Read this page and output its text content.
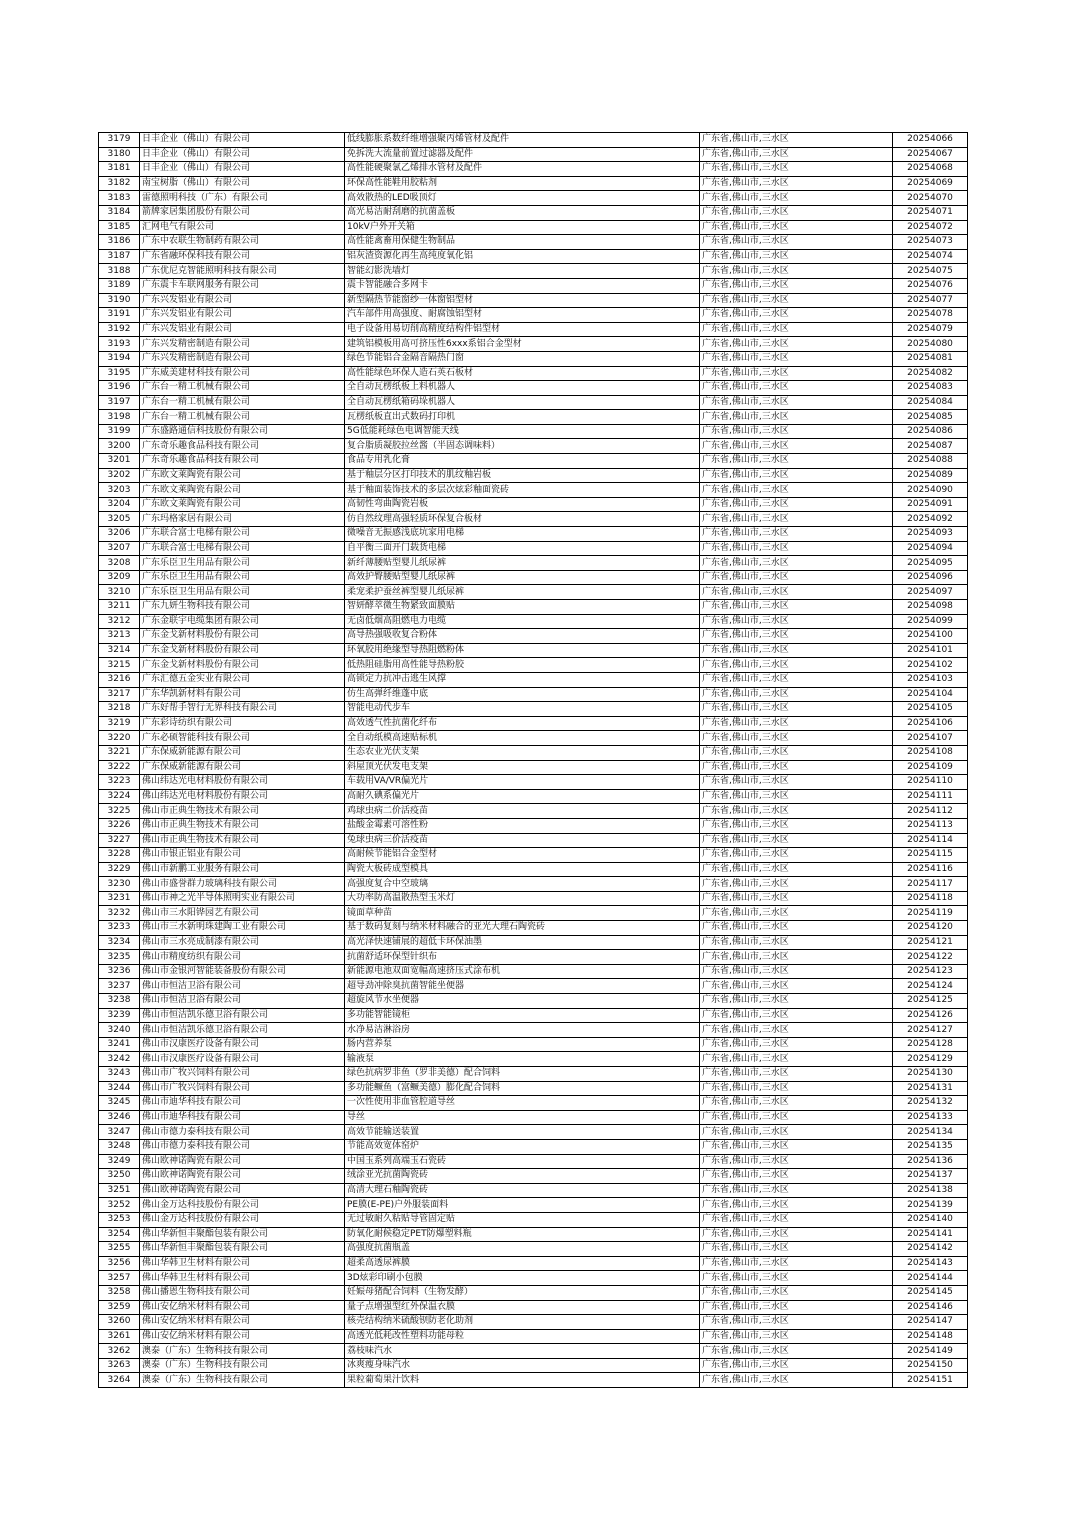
3179	日丰企业（佛山）有限公司	低线膨胀系数纤维增强聚丙烯管材及配件	广东省,佛山市,三水区	20254066
3180	日丰企业（佛山）有限公司	免拆洗大流量前置过滤器及配件	广东省,佛山市,三水区	20254067
3181	日丰企业（佛山）有限公司	高性能硬聚氯乙烯排水管材及配件	广东省,佛山市,三水区	20254068
3182	南宝树脂（佛山）有限公司	环保高性能鞋用胶粘剂	广东省,佛山市,三水区	20254069
3183	雷德照明科技（广东）有限公司	高效散热的LED吸顶灯	广东省,佛山市,三水区	20254070
3184	箭牌家居集团股份有限公司	高光易洁耐刮磨的抗菌盖板	广东省,佛山市,三水区	20254071
3185	汇网电气有限公司	10kV户外开关箱	广东省,佛山市,三水区	20254072
3186	广东中农联生物制药有限公司	高性能禽畜用保健生物制品	广东省,佛山市,三水区	20254073
3187	广东省融环保科技有限公司	铝灰渣资源化再生高纯度氧化铝	广东省,佛山市,三水区	20254074
3188	广东优尼克智能照明科技有限公司	智能幻影洗墙灯	广东省,佛山市,三水区	20254075
3189	广东震卡车联网服务有限公司	震卡智能融合多网卡	广东省,佛山市,三水区	20254076
3190	广东兴发铝业有限公司	新型隔热节能窗纱一体窗铝型材	广东省,佛山市,三水区	20254077
3191	广东兴发铝业有限公司	汽车部件用高强度、耐腐蚀铝型材	广东省,佛山市,三水区	20254078
3192	广东兴发铝业有限公司	电子设备用易切削高精度结构件铝型材	广东省,佛山市,三水区	20254079
3193	广东兴发精密制造有限公司	建筑铝模板用高可挤压性6xxx系铝合金型材	广东省,佛山市,三水区	20254080
3194	广东兴发精密制造有限公司	绿色节能铝合金隔音隔热门窗	广东省,佛山市,三水区	20254081
3195	广东威美建材科技有限公司	高性能绿色环保人造石英石板材	广东省,佛山市,三水区	20254082
3196	广东台一精工机械有限公司	全自动瓦楞纸板上料机器人	广东省,佛山市,三水区	20254083
3197	广东台一精工机械有限公司	全自动瓦楞纸箱码垛机器人	广东省,佛山市,三水区	20254084
3198	广东台一精工机械有限公司	瓦楞纸板直出式数码打印机	广东省,佛山市,三水区	20254085
3199	广东盛路通信科技股份有限公司	5G低能耗绿色电调智能天线	广东省,佛山市,三水区	20254086
3200	广东奇乐趣食品科技有限公司	复合脂质凝胶拉丝酱（半固态调味料）	广东省,佛山市,三水区	20254087
3201	广东奇乐趣食品科技有限公司	食品专用乳化膏	广东省,佛山市,三水区	20254088
3202	广东欧文莱陶瓷有限公司	基于釉层分区打印技术的肌纹釉岩板	广东省,佛山市,三水区	20254089
3203	广东欧文莱陶瓷有限公司	基于釉面装饰技术的多层次炫彩釉面瓷砖	广东省,佛山市,三水区	20254090
3204	广东欧文莱陶瓷有限公司	高韧性弯曲陶瓷岩板	广东省,佛山市,三水区	20254091
3205	广东玛格家居有限公司	仿自然纹理高强轻质环保复合板材	广东省,佛山市,三水区	20254092
3206	广东联合富士电梯有限公司	微噪音无振感浅底坑家用电梯	广东省,佛山市,三水区	20254093
3207	广东联合富士电梯有限公司	自平衡三面开门载货电梯	广东省,佛山市,三水区	20254094
3208	广东乐臣卫生用品有限公司	新纤薄腰贴型婴儿纸尿裤	广东省,佛山市,三水区	20254095
3209	广东乐臣卫生用品有限公司	高效护臀腰贴型婴儿纸尿裤	广东省,佛山市,三水区	20254096
3210	广东乐臣卫生用品有限公司	柔宠柔护蚕丝裤型婴儿纸尿裤	广东省,佛山市,三水区	20254097
3211	广东九妍生物科技有限公司	智妍酵萃微生物紧致面膜贴	广东省,佛山市,三水区	20254098
3212	广东金联宇电缆集团有限公司	无卤低烟高阻燃电力电缆	广东省,佛山市,三水区	20254099
3213	广东金戈新材料股份有限公司	高导热强吸收复合粉体	广东省,佛山市,三水区	20254100
3214	广东金戈新材料股份有限公司	环氧胶用绝缘型导热阻燃粉体	广东省,佛山市,三水区	20254101
3215	广东金戈新材料股份有限公司	低热阻硅脂用高性能导热粉胶	广东省,佛山市,三水区	20254102
3216	广东汇德五金实业有限公司	高锁定力抗冲击逃生风撑	广东省,佛山市,三水区	20254103
3217	广东华凯新材料有限公司	仿生高弹纤维蓬中底	广东省,佛山市,三水区	20254104
3218	广东好帮手智行无界科技有限公司	智能电动代步车	广东省,佛山市,三水区	20254105
3219	广东彩诗纺织有限公司	高效透气性抗菌化纤布	广东省,佛山市,三水区	20254106
3220	广东必硕智能科技有限公司	全自动纸模高速贴标机	广东省,佛山市,三水区	20254107
3221	广东保威新能源有限公司	生态农业光伏支架	广东省,佛山市,三水区	20254108
3222	广东保威新能源有限公司	斜屋顶光伏发电支架	广东省,佛山市,三水区	20254109
3223	佛山纬达光电材料股份有限公司	车载用VA/VR偏光片	广东省,佛山市,三水区	20254110
3224	佛山纬达光电材料股份有限公司	高耐久碘系偏光片	广东省,佛山市,三水区	20254111
3225	佛山市正典生物技术有限公司	鸡球虫病二价活疫苗	广东省,佛山市,三水区	20254112
3226	佛山市正典生物技术有限公司	盐酸金霉素可溶性粉	广东省,佛山市,三水区	20254113
3227	佛山市正典生物技术有限公司	兔球虫病三价活疫苗	广东省,佛山市,三水区	20254114
3228	佛山市银正铝业有限公司	高耐候节能铝合金型材	广东省,佛山市,三水区	20254115
3229	佛山市新鹏工业服务有限公司	陶瓷大板砖成型模具	广东省,佛山市,三水区	20254116
3230	佛山市盛誉群力玻璃科技有限公司	高强度复合中空玻璃	广东省,佛山市,三水区	20254117
3231	佛山市神之光半导体照明实业有限公司	大功率防高温散热型玉米灯	广东省,佛山市,三水区	20254118
3232	佛山市三水阳铧园艺有限公司	镜面草种苗	广东省,佛山市,三水区	20254119
3233	佛山市三水新明珠建陶工业有限公司	基于数码复刻与纳米材料融合的亚光大理石陶瓷砖	广东省,佛山市,三水区	20254120
3234	佛山市三水亮成制漆有限公司	高光泽快速铺展的超低卡环保油墨	广东省,佛山市,三水区	20254121
3235	佛山市精度纺织有限公司	抗菌舒适环保型针织布	广东省,佛山市,三水区	20254122
3236	佛山市金银河智能装备股份有限公司	新能源电池双面宽幅高速挤压式涂布机	广东省,佛山市,三水区	20254123
3237	佛山市恒洁卫浴有限公司	超导劲冲除臭抗菌智能坐便器	广东省,佛山市,三水区	20254124
3238	佛山市恒洁卫浴有限公司	超旋风节水坐便器	广东省,佛山市,三水区	20254125
3239	佛山市恒洁凯乐德卫浴有限公司	多功能智能镜柜	广东省,佛山市,三水区	20254126
3240	佛山市恒洁凯乐德卫浴有限公司	水净易洁淋浴房	广东省,佛山市,三水区	20254127
3241	佛山市汉康医疗设备有限公司	肠内营养泵	广东省,佛山市,三水区	20254128
3242	佛山市汉康医疗设备有限公司	输液泵	广东省,佛山市,三水区	20254129
3243	佛山市广牧兴饲料有限公司	绿色抗病罗非鱼（罗非美德）配合饲料	广东省,佛山市,三水区	20254130
3244	佛山市广牧兴饲料有限公司	多功能鳜鱼（富鳜美德）膨化配合饲料	广东省,佛山市,三水区	20254131
3245	佛山市迪华科技有限公司	一次性使用非血管腔道导丝	广东省,佛山市,三水区	20254132
3246	佛山市迪华科技有限公司	导丝	广东省,佛山市,三水区	20254133
3247	佛山市德力泰科技有限公司	高效节能输送装置	广东省,佛山市,三水区	20254134
3248	佛山市德力泰科技有限公司	节能高效宽体窑炉	广东省,佛山市,三水区	20254135
3249	佛山欧神诺陶瓷有限公司	中国玉系列高端玉石瓷砖	广东省,佛山市,三水区	20254136
3250	佛山欧神诺陶瓷有限公司	绒涂亚光抗菌陶瓷砖	广东省,佛山市,三水区	20254137
3251	佛山欧神诺陶瓷有限公司	高清大理石釉陶瓷砖	广东省,佛山市,三水区	20254138
3252	佛山金万达科技股份有限公司	PE膜(E-PE)户外服装面料	广东省,佛山市,三水区	20254139
3253	佛山金万达科技股份有限公司	无过敏耐久粘贴导管固定贴	广东省,佛山市,三水区	20254140
3254	佛山华新恒丰聚酯包装有限公司	防氧化耐候稳定PET防爆塑料瓶	广东省,佛山市,三水区	20254141
3255	佛山华新恒丰聚酯包装有限公司	高强度抗菌瓶盖	广东省,佛山市,三水区	20254142
3256	佛山华韩卫生材料有限公司	超柔高透尿裤膜	广东省,佛山市,三水区	20254143
3257	佛山华韩卫生材料有限公司	3D炫彩印刷小包膜	广东省,佛山市,三水区	20254144
3258	佛山播恩生物科技有限公司	妊娠母猪配合饲料（生物发酵）	广东省,佛山市,三水区	20254145
3259	佛山安亿纳米材料有限公司	量子点增强型红外保温衣膜	广东省,佛山市,三水区	20254146
3260	佛山安亿纳米材料有限公司	核壳结构纳米硫酸钡防老化助剂	广东省,佛山市,三水区	20254147
3261	佛山安亿纳米材料有限公司	高透光低耗改性塑料功能母粒	广东省,佛山市,三水区	20254148
3262	澳泰（广东）生物科技有限公司	荔枝味汽水	广东省,佛山市,三水区	20254149
3263	澳泰（广东）生物科技有限公司	冰爽瘦身味汽水	广东省,佛山市,三水区	20254150
3264	澳泰（广东）生物科技有限公司	果粒葡萄果汁饮料	广东省,佛山市,三水区	20254151
